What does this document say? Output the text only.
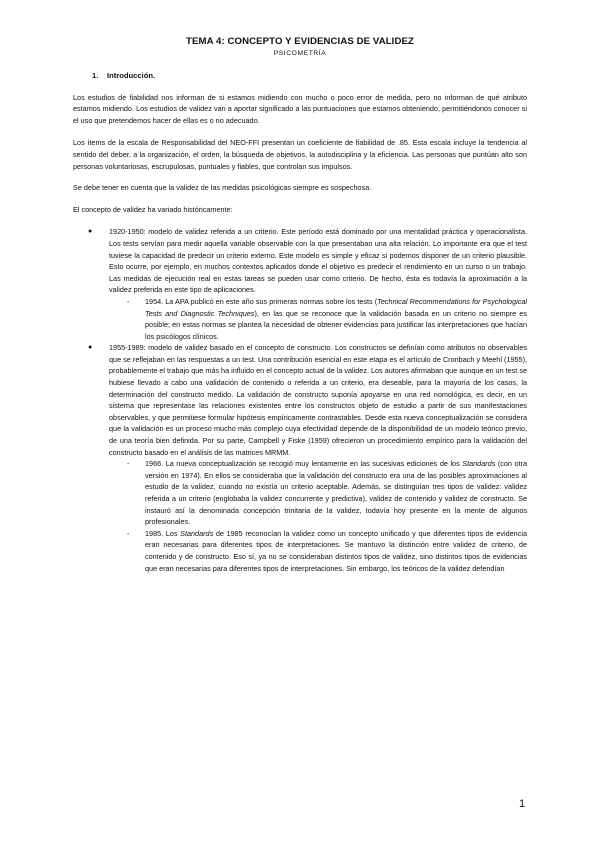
TEMA 4: CONCEPTO Y EVIDENCIAS DE VALIDEZ
PSICOMETRÍA
1. Introducción.

Los estudios de fiabilidad nos informan de si estamos midiendo con mucho o poco error de medida, pero no informan de qué atributo estamos midiendo. Los estudios de validez van a aportar significado a las puntuaciones que estamos obteniendo, permitiéndonos conocer si el uso que pretendemos hacer de ellas es o no adecuado.

Los ítems de la escala de Responsabilidad del NEO-FFI presentan un coeficiente de fiabilidad de .85. Esta escala incluye la tendencia al sentido del deber, a la organización, el orden, la búsqueda de objetivos, la autodisciplina y la eficiencia. Las personas que puntúan alto son personas voluntariosas, escrupulosas, puntuales y fiables, que controlan sus impulsos.

Se debe tener en cuenta que la validez de las medidas psicológicas siempre es sospechosa.

El concepto de validez ha variado históricamente:

● 1920-1950: modelo de validez referida a un criterio. Este período está dominado por una mentalidad práctica y operacionalista. Los tests servían para medir aquella variable observable con la que presentaban una alta relación. Lo importante era que el test tuviese la capacidad de predecir un criterio externo. Este modelo es simple y eficaz si podemos disponer de un criterio plausible. Esto ocurre, por ejemplo, en muchos contextos aplicados donde el objetivo es predecir el rendimiento en un curso o un trabajo. Las medidas de ejecución real en estas tareas se pueden usar como criterio. De hecho, ésta es todavía la aproximación a la validez preferida en este tipo de aplicaciones.
- 1954. La APA publicó en este año sus primeras normas sobre los tests (Technical Recommendations for Psychological Tests and Diagnostic Techniques), en las que se reconoce que la validación basada en un criterio no siempre es posible; en estas normas se plantea la necesidad de obtener evidencias para justificar las interpretaciones que hacían los psicólogos clínicos.
● 1955-1989: modelo de validez basado en el concepto de constructo. Los constructos se definían como atributos no observables que se reflejaban en las respuestas a un test. Una contribución esencial en este etapa es el artículo de Cronbach y Meehl (1955), probablemente el trabajo que más ha influido en el concepto actual de la validez. Los autores afirmaban que aunque en un test se hubiese llevado a cabo una validación de contenido o referida a un criterio, era deseable, para la mayoría de los casos, la determinación del constructo medido. La validación de constructo suponía apoyarse en una red nomológica, es decir, en un sistema que representase las relaciones existentes entre los constructos objeto de estudio a partir de sus manifestaciones observables, y que permitiese formular hipótesis empíricamente contrastables. Desde esta nueva conceptualización se considera que la validación es un proceso mucho más complejo cuya efectividad depende de la disponibilidad de un modelo teórico previo, de una teoría bien definida. Por su parte, Campbell y Fiske (1959) ofrecieron un procedimiento empírico para la validación del constructo basado en el análisis de las matrices MRMM.
- 1966. La nueva conceptualización se recogió muy lentamente en las sucesivas ediciones de los Standards (con otra versión en 1974). En ellos se consideraba que la validación del constructo era una de las posibles aproximaciones al estudio de la validez, cuando no existía un criterio aceptable. Además, se distinguían tres tipos de validez: validez referida a un criterio (englobaba la validez concurrente y predictiva), validez de contenido y validez de constructo. Se instauró así la denominada concepción trinitaria de la validez, todavía hoy presente en la mente de algunos profesionales.
- 1985. Los Standards de 1985 reconocían la validez como un concepto unificado y que diferentes tipos de evidencia eran necesarias para diferentes tipos de interpretaciones. Se mantuvo la distinción entre validez de criterio, de contenido y de constructo. Eso sí, ya no se consideraban distintos tipos de validez, sino distintos tipos de evidencias que eran necesarias para diferentes tipos de interpretaciones. Sin embargo, los teóricos de la validez defendían
1
